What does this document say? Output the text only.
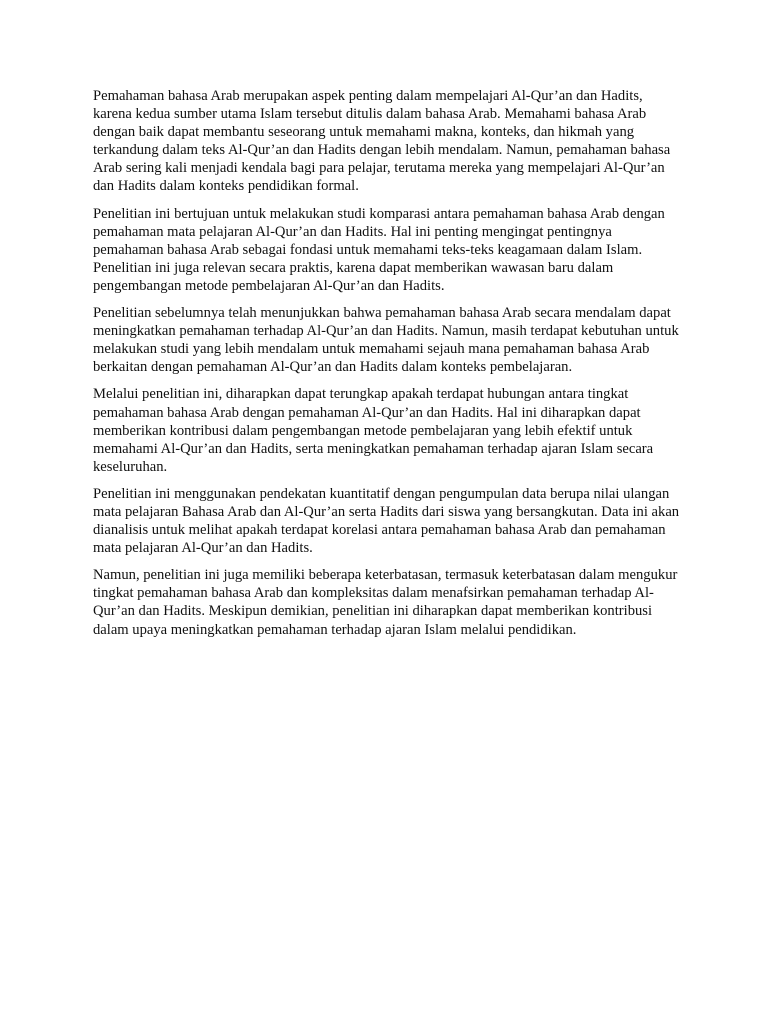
Pemahaman bahasa Arab merupakan aspek penting dalam mempelajari Al-Qur’an dan Hadits, karena kedua sumber utama Islam tersebut ditulis dalam bahasa Arab. Memahami bahasa Arab dengan baik dapat membantu seseorang untuk memahami makna, konteks, dan hikmah yang terkandung dalam teks Al-Qur’an dan Hadits dengan lebih mendalam. Namun, pemahaman bahasa Arab sering kali menjadi kendala bagi para pelajar, terutama mereka yang mempelajari Al-Qur’an dan Hadits dalam konteks pendidikan formal.

Penelitian ini bertujuan untuk melakukan studi komparasi antara pemahaman bahasa Arab dengan pemahaman mata pelajaran Al-Qur’an dan Hadits. Hal ini penting mengingat pentingnya pemahaman bahasa Arab sebagai fondasi untuk memahami teks-teks keagamaan dalam Islam. Penelitian ini juga relevan secara praktis, karena dapat memberikan wawasan baru dalam pengembangan metode pembelajaran Al-Qur’an dan Hadits.

Penelitian sebelumnya telah menunjukkan bahwa pemahaman bahasa Arab secara mendalam dapat meningkatkan pemahaman terhadap Al-Qur’an dan Hadits. Namun, masih terdapat kebutuhan untuk melakukan studi yang lebih mendalam untuk memahami sejauh mana pemahaman bahasa Arab berkaitan dengan pemahaman Al-Qur’an dan Hadits dalam konteks pembelajaran.

Melalui penelitian ini, diharapkan dapat terungkap apakah terdapat hubungan antara tingkat pemahaman bahasa Arab dengan pemahaman Al-Qur’an dan Hadits. Hal ini diharapkan dapat memberikan kontribusi dalam pengembangan metode pembelajaran yang lebih efektif untuk memahami Al-Qur’an dan Hadits, serta meningkatkan pemahaman terhadap ajaran Islam secara keseluruhan.

Penelitian ini menggunakan pendekatan kuantitatif dengan pengumpulan data berupa nilai ulangan mata pelajaran Bahasa Arab dan Al-Qur’an serta Hadits dari siswa yang bersangkutan. Data ini akan dianalisis untuk melihat apakah terdapat korelasi antara pemahaman bahasa Arab dan pemahaman mata pelajaran Al-Qur’an dan Hadits.

Namun, penelitian ini juga memiliki beberapa keterbatasan, termasuk keterbatasan dalam mengukur tingkat pemahaman bahasa Arab dan kompleksitas dalam menafsirkan pemahaman terhadap Al-Qur’an dan Hadits. Meskipun demikian, penelitian ini diharapkan dapat memberikan kontribusi dalam upaya meningkatkan pemahaman terhadap ajaran Islam melalui pendidikan.
